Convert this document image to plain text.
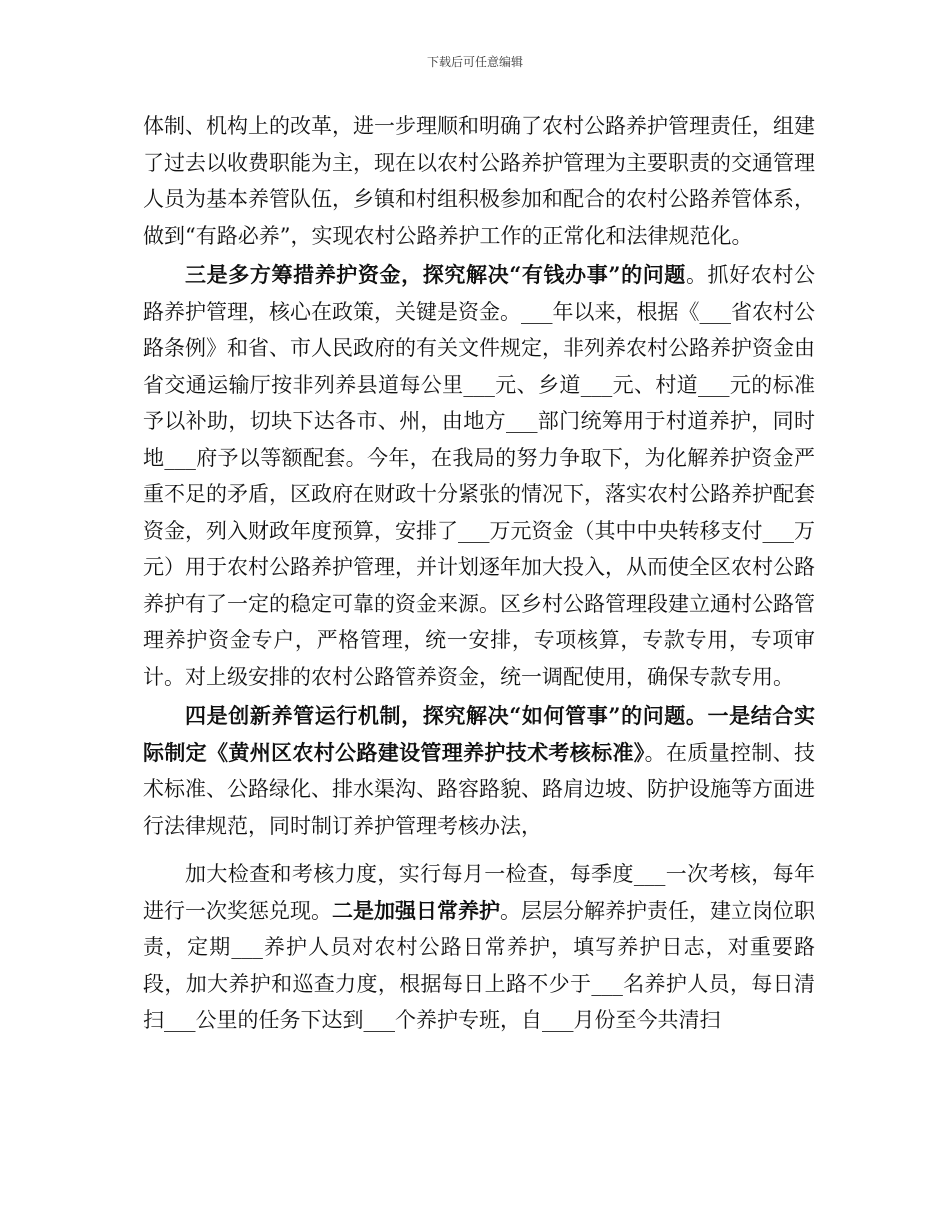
下载后可任意编辑

体制、机构上的改革，进一步理顺和明确了农村公路养护管理责任，组建了过去以收费职能为主，现在以农村公路养护管理为主要职责的交通管理人员为基本养管队伍，乡镇和村组积极参加和配合的农村公路养管体系，做到“有路必养”，实现农村公路养护工作的正常化和法律规范化。

三是多方筹措养护资金，探究解决“有钱办事”的问题。抓好农村公路养护管理，核心在政策，关键是资金。___年以来，根据《___省农村公路条例》和省、市人民政府的有关文件规定，非列养农村公路养护资金由省交通运输厅按非列养县道每公里___元、乡道___元、村道___元的标准予以补助，切块下达各市、州，由地方___部门统筹用于村道养护，同时地___府予以等额配套。今年，在我局的努力争取下，为化解养护资金严重不足的矛盾，区政府在财政十分紧张的情况下，落实农村公路养护配套资金，列入财政年度预算，安排了___万元资金（其中中央转移支付___万元）用于农村公路养护管理，并计划逐年加大投入，从而使全区农村公路养护有了一定的稳定可靠的资金来源。区乡村公路管理段建立通村公路管理养护资金专户，严格管理，统一安排，专项核算，专款专用，专项审计。对上级安排的农村公路管养资金，统一调配使用，确保专款专用。

四是创新养管运行机制，探究解决“如何管事”的问题。一是结合实际制定《黄州区农村公路建设管理养护技术考核标准》。在质量控制、技术标准、公路绿化、排水渠沟、路容路貌、路肩边坡、防护设施等方面进行法律规范，同时制订养护管理考核办法，

加大检查和考核力度，实行每月一检查，每季度___一次考核，每年进行一次奖惩兑现。二是加强日常养护。层层分解养护责任，建立岗位职责，定期___养护人员对农村公路日常养护，填写养护日志，对重要路段，加大养护和巡查力度，根据每日上路不少于___名养护人员，每日清扫___公里的任务下达到___个养护专班，自___月份至今共清扫
